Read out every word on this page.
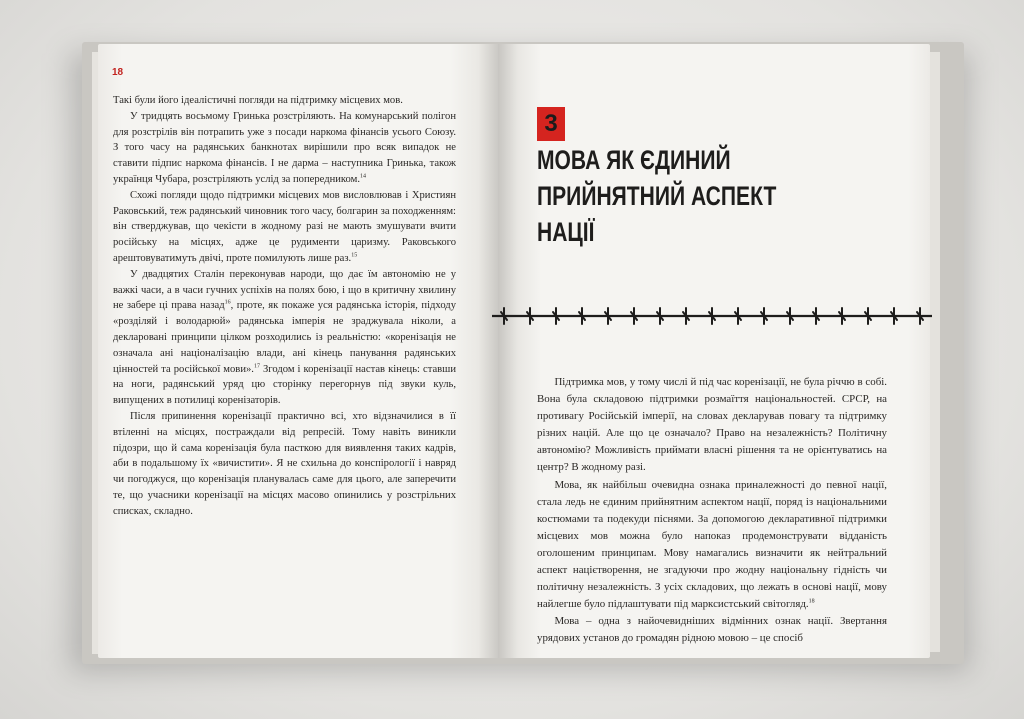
18

Такі були його ідеалістичні погляди на підтримку місцевих мов.

У тридцять восьмому Гринька розстріляють. На комунарський полігон для розстрілів він потрапить уже з посади наркома фінансів усього Союзу. З того часу на радянських банкнотах вирішили про всяк випадок не ставити підпис наркома фінансів. І не дарма – наступника Гринька, також українця Чубара, розстріляють услід за попередником.$^{14}$

Схожі погляди щодо підтримки місцевих мов висловлював і Християн Раковський, теж радянський чиновник того часу, болгарин за походженням: він стверджував, що чекісти в жодному разі не мають змушувати вчити російську на місцях, адже це рудименти царизму. Раковського арештовуватимуть двічі, проте помилують лише раз.$^{15}$

У двадцятих Сталін переконував народи, що дає їм автономію не у важкі часи, а в часи гучних успіхів на полях бою, і що в критичну хвилину не забере ці права назад$^{16}$, проте, як покаже уся радянська історія, підходу «розділяй і володарюй» радянська імперія не зраджувала ніколи, а декларовані принципи цілком розходились із реальністю: «коренізація не означала ані націоналізацію влади, ані кінець панування радянських цінностей та російської мови».$^{17}$ Згодом і коренізації настав кінець: ставши на ноги, радянський уряд цю сторінку перегорнув під звуки куль, випущених в потилиці коренізаторів.

Після припинення коренізації практично всі, хто відзначилися в її втіленні на місцях, постраждали від репресій. Тому навіть виникли підозри, що й сама коренізація була пасткою для виявлення таких кадрів, аби в подальшому їх «вичистити». Я не схильна до конспірології і навряд чи погоджуся, що коренізація планувалась саме для цього, але заперечити те, що учасники коренізації на місцях масово опинились у розстрільних списках, складно.

3
МОВА ЯК ЄДИНИЙ
ПРИЙНЯТНИЙ АСПЕКТ НАЦІЇ

Підтримка мов, у тому числі й під час коренізації, не була річчю в собі. Вона була складовою підтримки розмаїття національностей. СРСР, на противагу Російській імперії, на словах декларував повагу та підтримку різних націй. Але що це означало? Право на незалежність? Політичну автономію? Можливість приймати власні рішення та не орієнтуватись на центр? В жодному разі.

Мова, як найбільш очевидна ознака приналежності до певної нації, стала ледь не єдиним прийнятним аспектом нації, поряд із національними костюмами та подекуди піснями. За допомогою декларативної підтримки місцевих мов можна було напоказ продемонструвати відданість оголошеним принципам. Мову намагались визначити як нейтральний аспект націєтворення, не згадуючи про жодну національну гідність чи політичну незалежність. З усіх складових, що лежать в основі нації, мову найлегше було підлаштувати під марксистський світогляд.$^{18}$

Мова – одна з найочевидніших відмінних ознак нації. Звертання урядових установ до громадян рідною мовою – це спосіб
